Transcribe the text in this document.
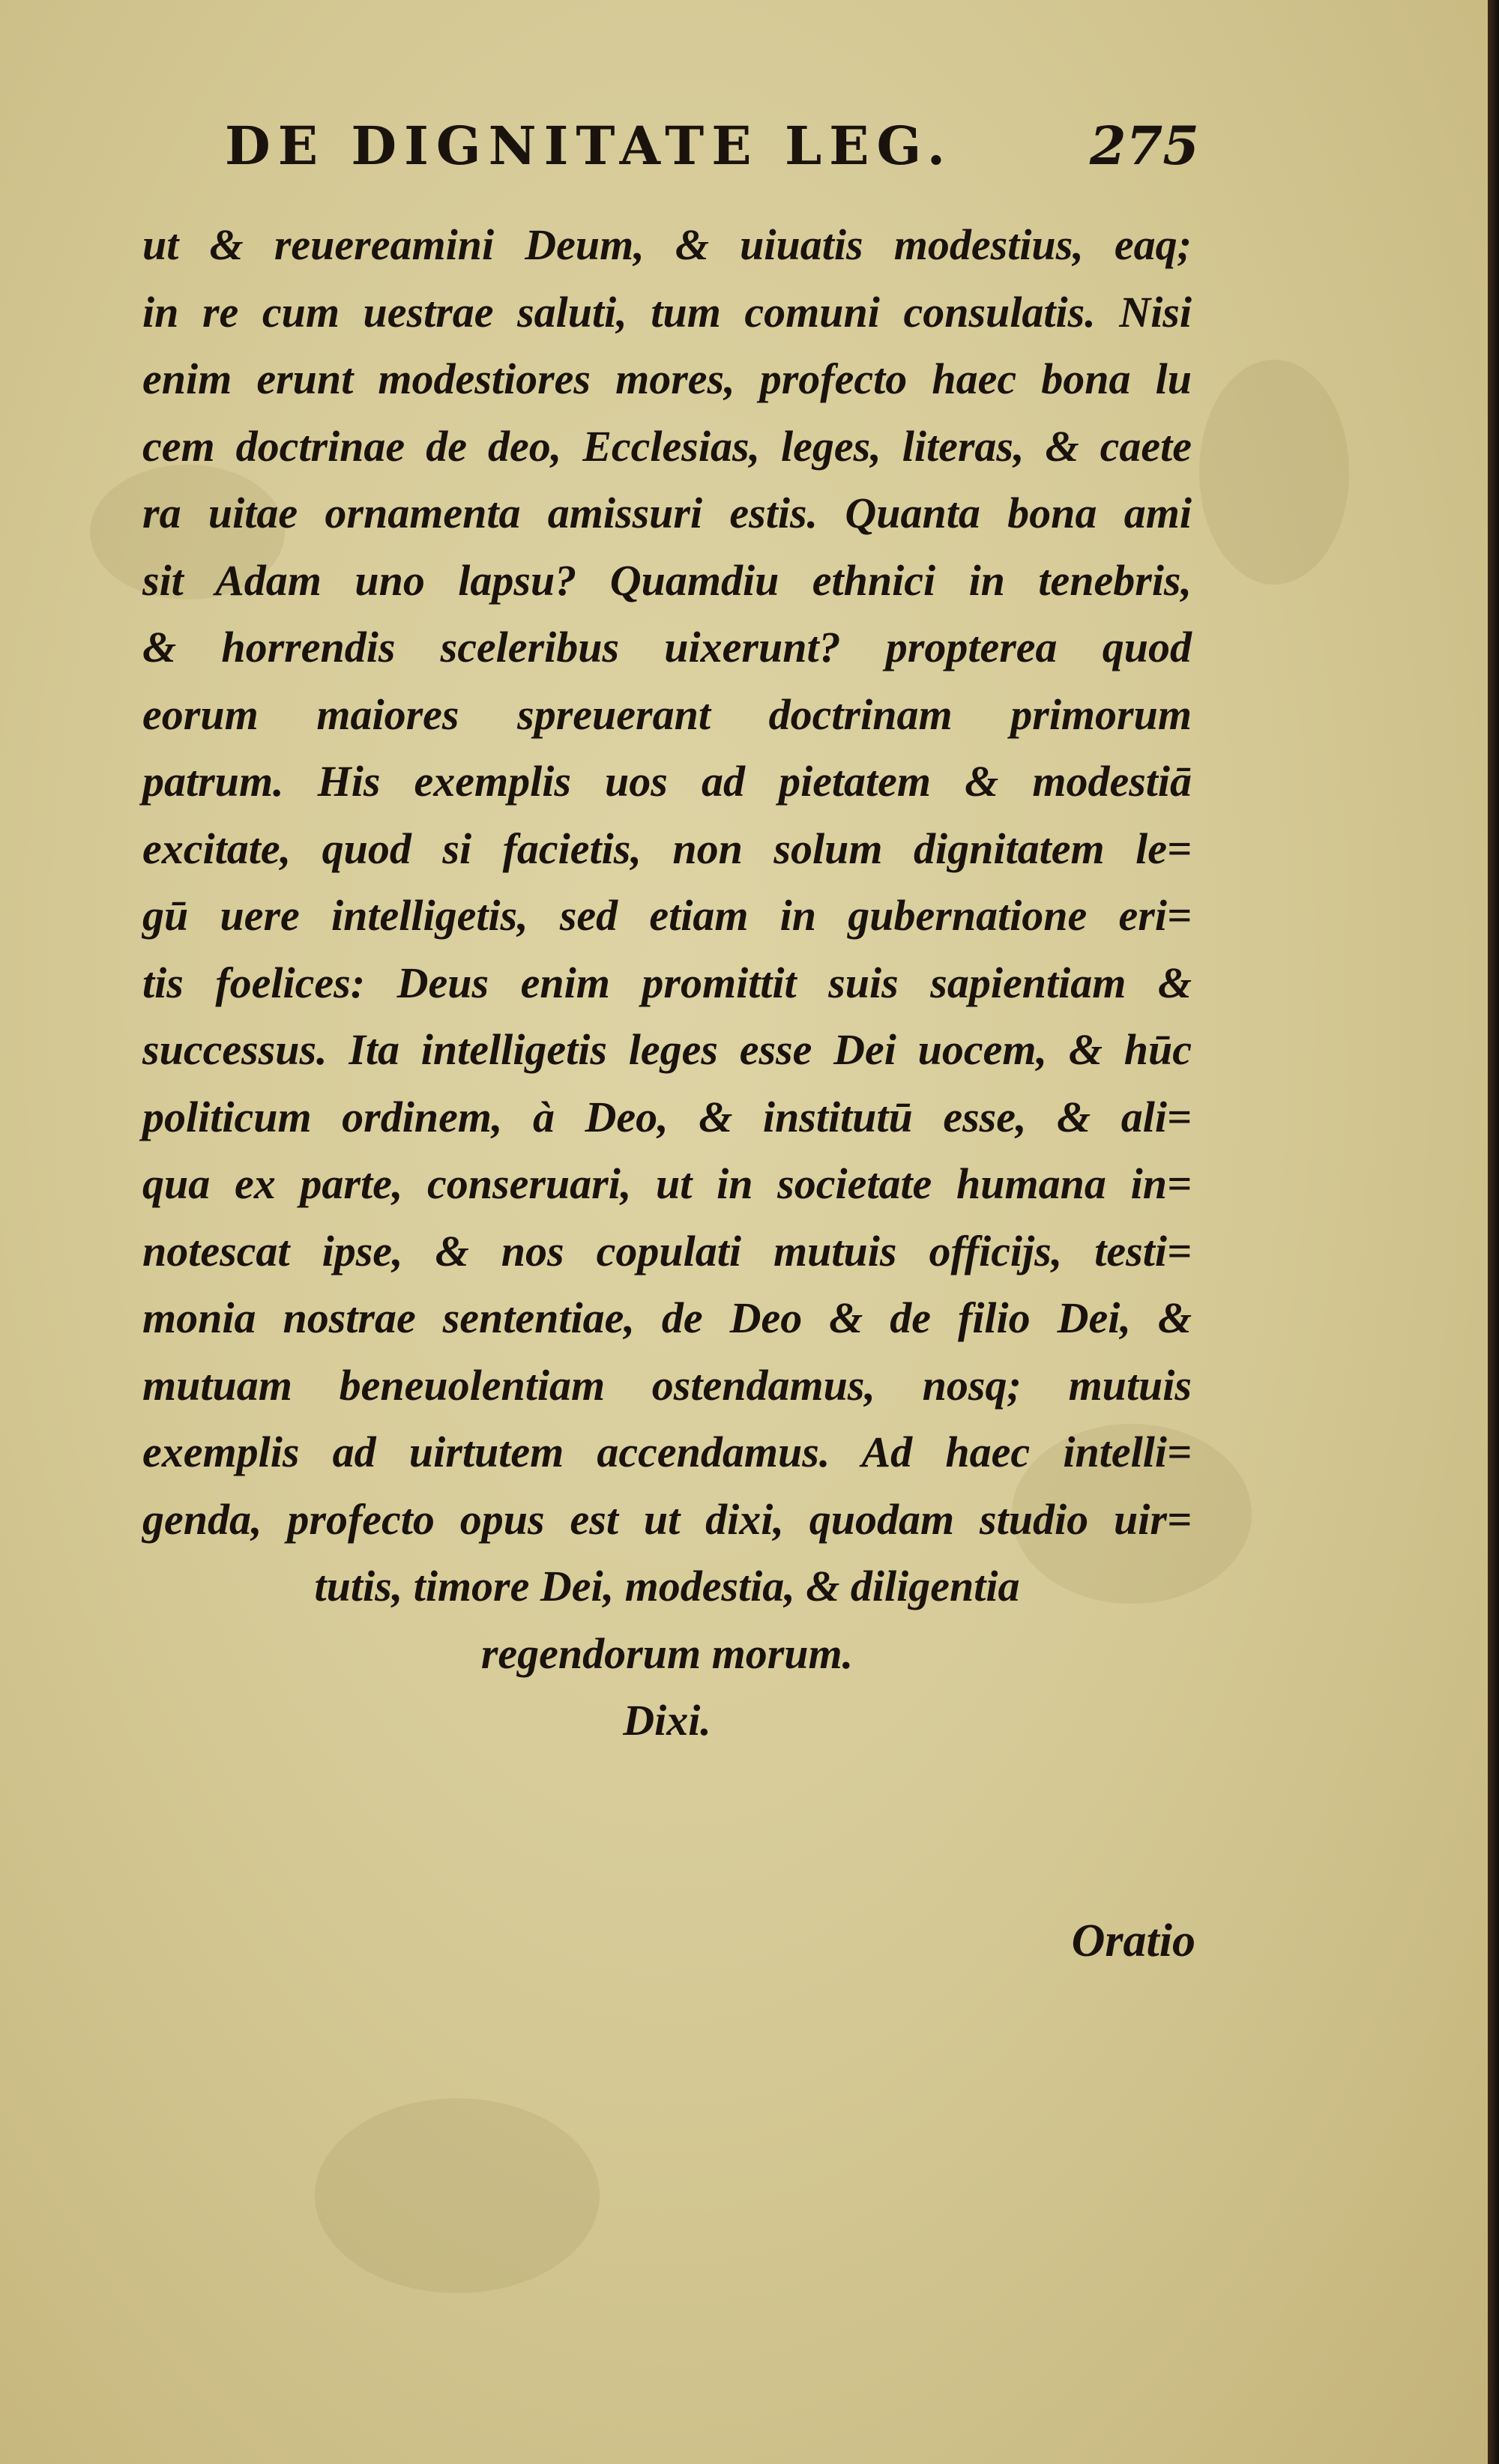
DE DIGNITATE LEG.	275
ut & reuereamini Deum, & uiuatis modestius, eaq;
in re cum uestrae saluti, tum comuni consulatis. Nisi
enim erunt modestiores mores, profecto haec bona lu
cem doctrinae de deo, Ecclesias, leges, literas, & caete
ra uitae ornamenta amissuri estis. Quanta bona ami
sit Adam uno lapsu? Quamdiu ethnici in tenebris,
& horrendis sceleribus uixerunt? propterea quod
eorum maiores spreuerant doctrinam primorum
patrum. His exemplis uos ad pietatem & modestiā
excitate, quod si facietis, non solum dignitatem le=
gū uere intelligetis, sed etiam in gubernatione eri=
tis foelices: Deus enim promittit suis sapientiam &
successus. Ita intelligetis leges esse Dei uocem, & hūc
politicum ordinem, à Deo, & institutū esse, & ali=
qua ex parte, conseruari, ut in societate humana in=
notescat ipse, & nos copulati mutuis officijs, testi=
monia nostrae sententiae, de Deo & de filio Dei, &
mutuam beneuolentiam ostendamus, nosq; mutuis
exemplis ad uirtutem accendamus. Ad haec intelli=
genda, profecto opus est ut dixi, quodam studio uir=
tutis, timore Dei, modestia, & diligentia
regendorum morum.
Dixi.
Oratio
